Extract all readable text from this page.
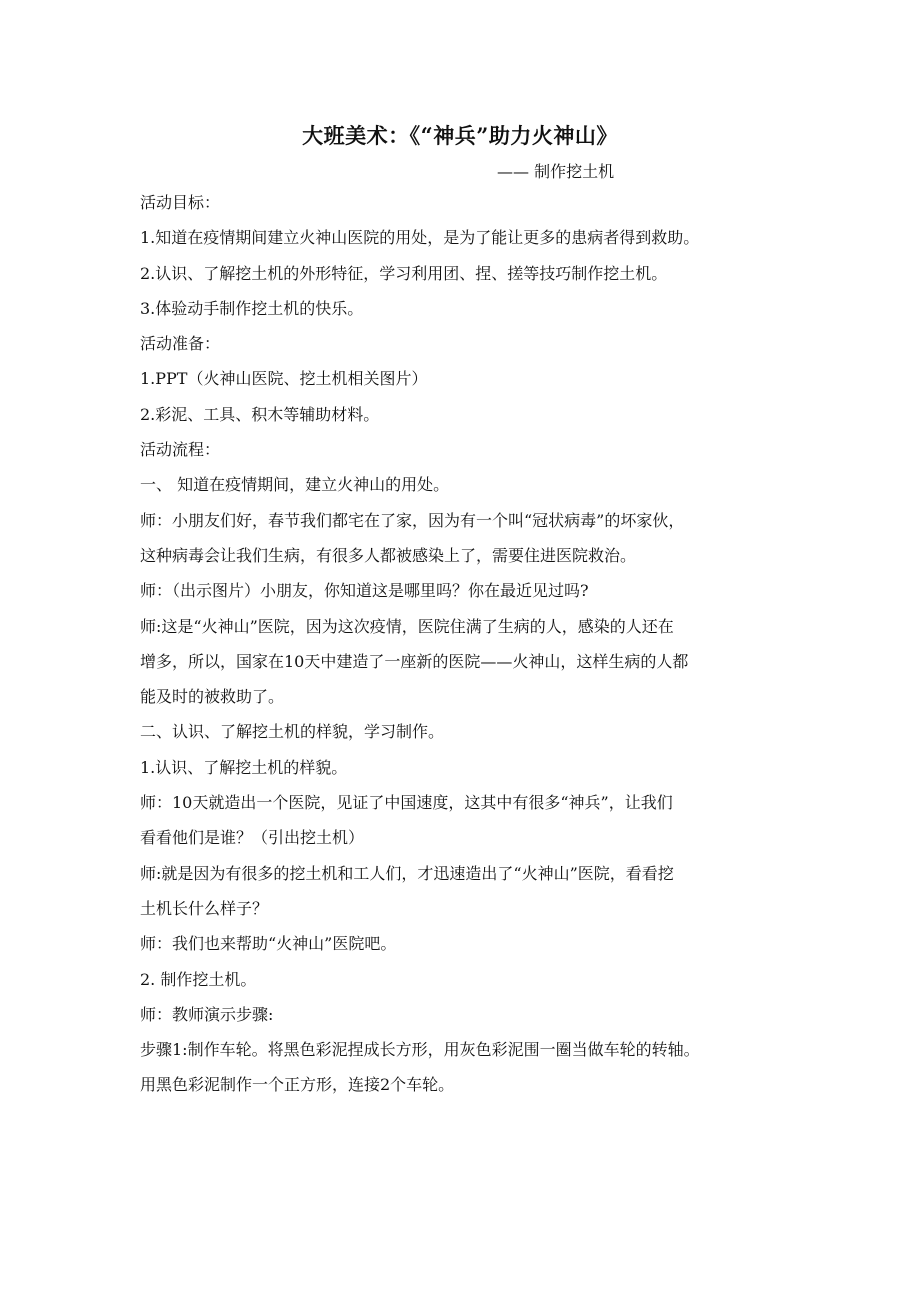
大班美术：《“神兵”助力火神山》
—— 制作挖土机
活动目标：
1.知道在疫情期间建立火神山医院的用处，是为了能让更多的患病者得到救助。
2.认识、了解挖土机的外形特征，学习利用团、捏、搓等技巧制作挖土机。
3.体验动手制作挖土机的快乐。
活动准备：
1.PPT（火神山医院、挖土机相关图片）
2.彩泥、工具、积木等辅助材料。
活动流程：
一、 知道在疫情期间，建立火神山的用处。
师：小朋友们好，春节我们都宅在了家，因为有一个叫“冠状病毒”的坏家伙，
这种病毒会让我们生病，有很多人都被感染上了，需要住进医院救治。
师：（出示图片）小朋友，你知道这是哪里吗？你在最近见过吗?
师:这是“火神山”医院，因为这次疫情，医院住满了生病的人，感染的人还在
增多，所以，国家在10天中建造了一座新的医院——火神山，这样生病的人都
能及时的被救助了。
二、认识、了解挖土机的样貌，学习制作。
1.认识、了解挖土机的样貌。
师：10天就造出一个医院，见证了中国速度，这其中有很多“神兵”，让我们
看看他们是谁？（引出挖土机）
师:就是因为有很多的挖土机和工人们，才迅速造出了“火神山”医院，看看挖
土机长什么样子？
师：我们也来帮助“火神山”医院吧。
2. 制作挖土机。
师：教师演示步骤:
步骤1:制作车轮。将黑色彩泥捏成长方形，用灰色彩泥围一圈当做车轮的转轴。
用黑色彩泥制作一个正方形，连接2个车轮。
